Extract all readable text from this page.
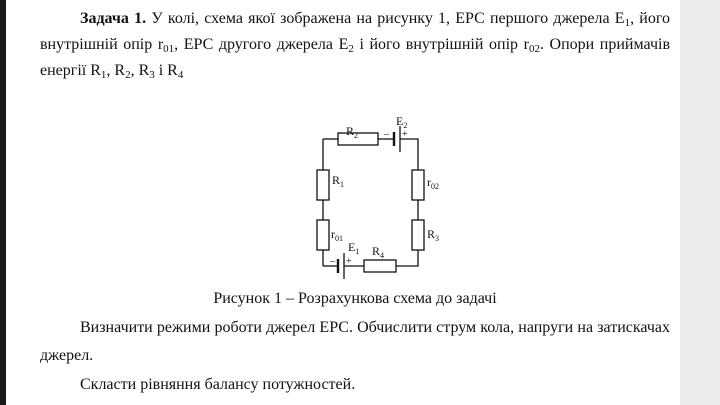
Задача 1. У колі, схема якої зображена на рисунку 1, ЕРС першого джерела $E_1$, його внутрішній опір $r_{01}$, ЕРС другого джерела $E_2$ і його внутрішній опір $r_{02}$. Опори приймачів енергії $R_1$, $R_2$, $R_3$ і $R_4$

$R_2$
$E_2$
– +
$R_1$
$r_{01}$
$E_1$
– +
$R_4$
$r_{02}$
$R_3$

Рисунок 1 – Розрахункова схема до задачі

Визначити режими роботи джерел ЕРС. Обчислити струм кола, напруги на затискачах джерел.

Скласти рівняння балансу потужностей.
